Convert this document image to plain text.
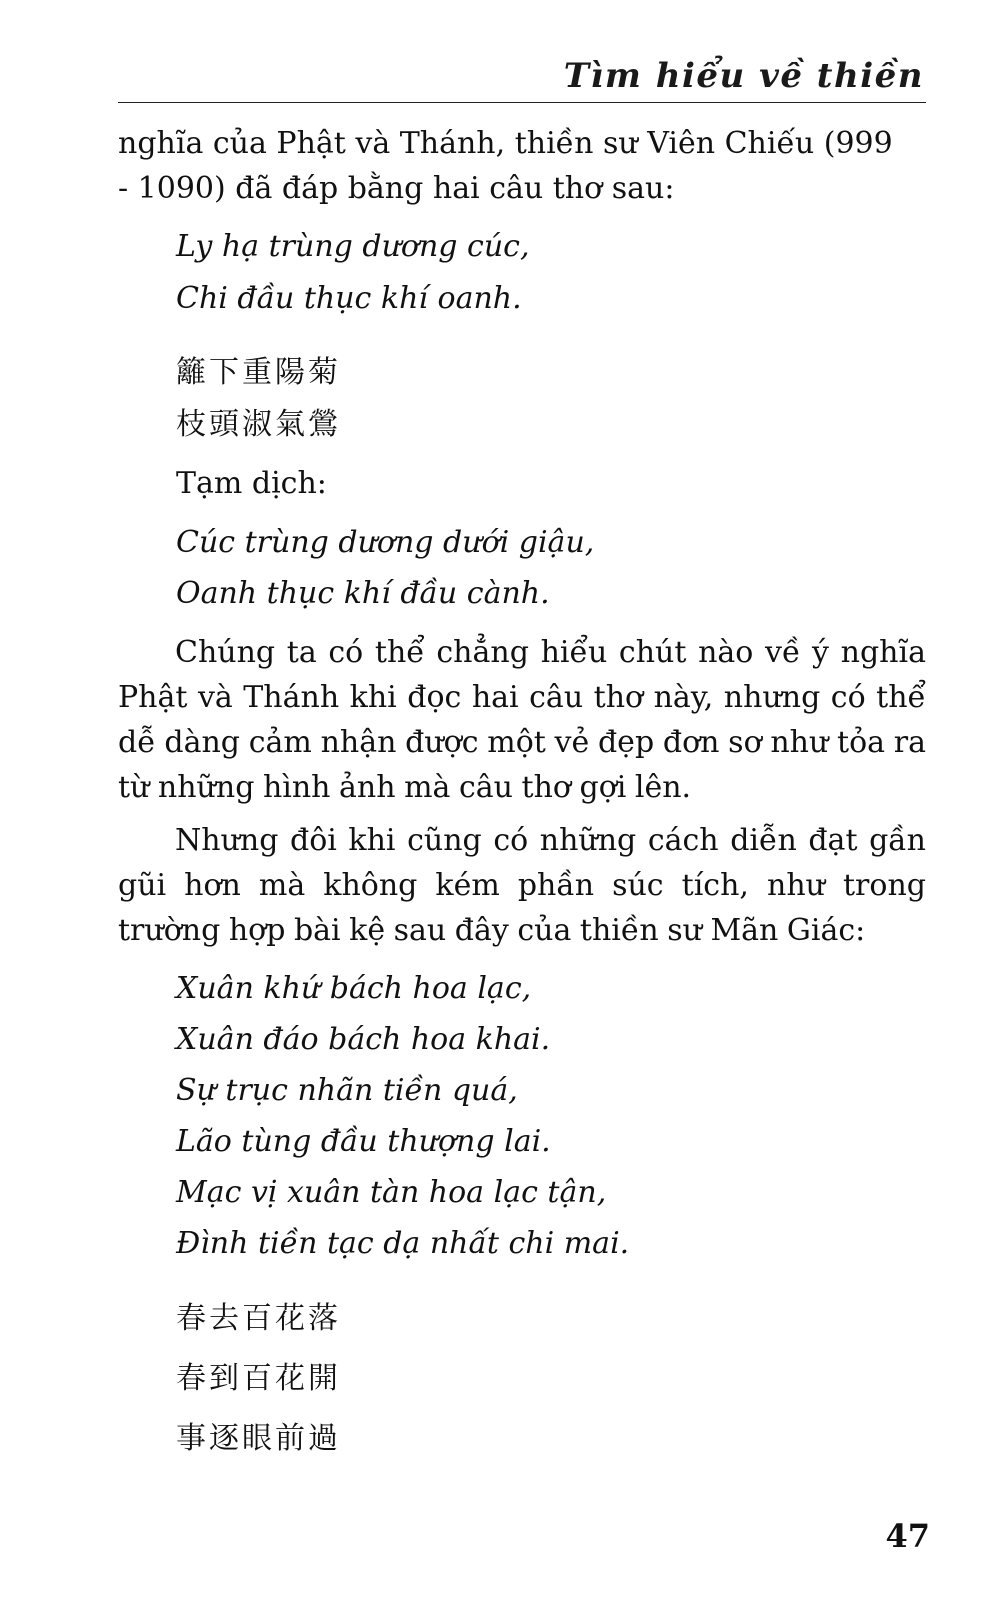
Tìm hiểu về thiền
nghĩa của Phật và Thánh, thiền sư Viên Chiếu (999
- 1090) đã đáp bằng hai câu thơ sau:
Ly hạ trùng dương cúc,
Chi đầu thục khí oanh.
籬下重陽菊
枝頭淑氣鶯
Tạm dịch:
Cúc trùng dương dưới giậu,
Oanh thục khí đầu cành.
Chúng ta có thể chẳng hiểu chút nào về ý nghĩa Phật và Thánh khi đọc hai câu thơ này, nhưng có thể dễ dàng cảm nhận được một vẻ đẹp đơn sơ như tỏa ra từ những hình ảnh mà câu thơ gợi lên.
Nhưng đôi khi cũng có những cách diễn đạt gần gũi hơn mà không kém phần súc tích, như trong trường hợp bài kệ sau đây của thiền sư Mãn Giác:
Xuân khứ bách hoa lạc,
Xuân đáo bách hoa khai.
Sự trục nhãn tiền quá,
Lão tùng đầu thượng lai.
Mạc vị xuân tàn hoa lạc tận,
Đình tiền tạc dạ nhất chi mai.
春去百花落
春到百花開
事逐眼前過
47
